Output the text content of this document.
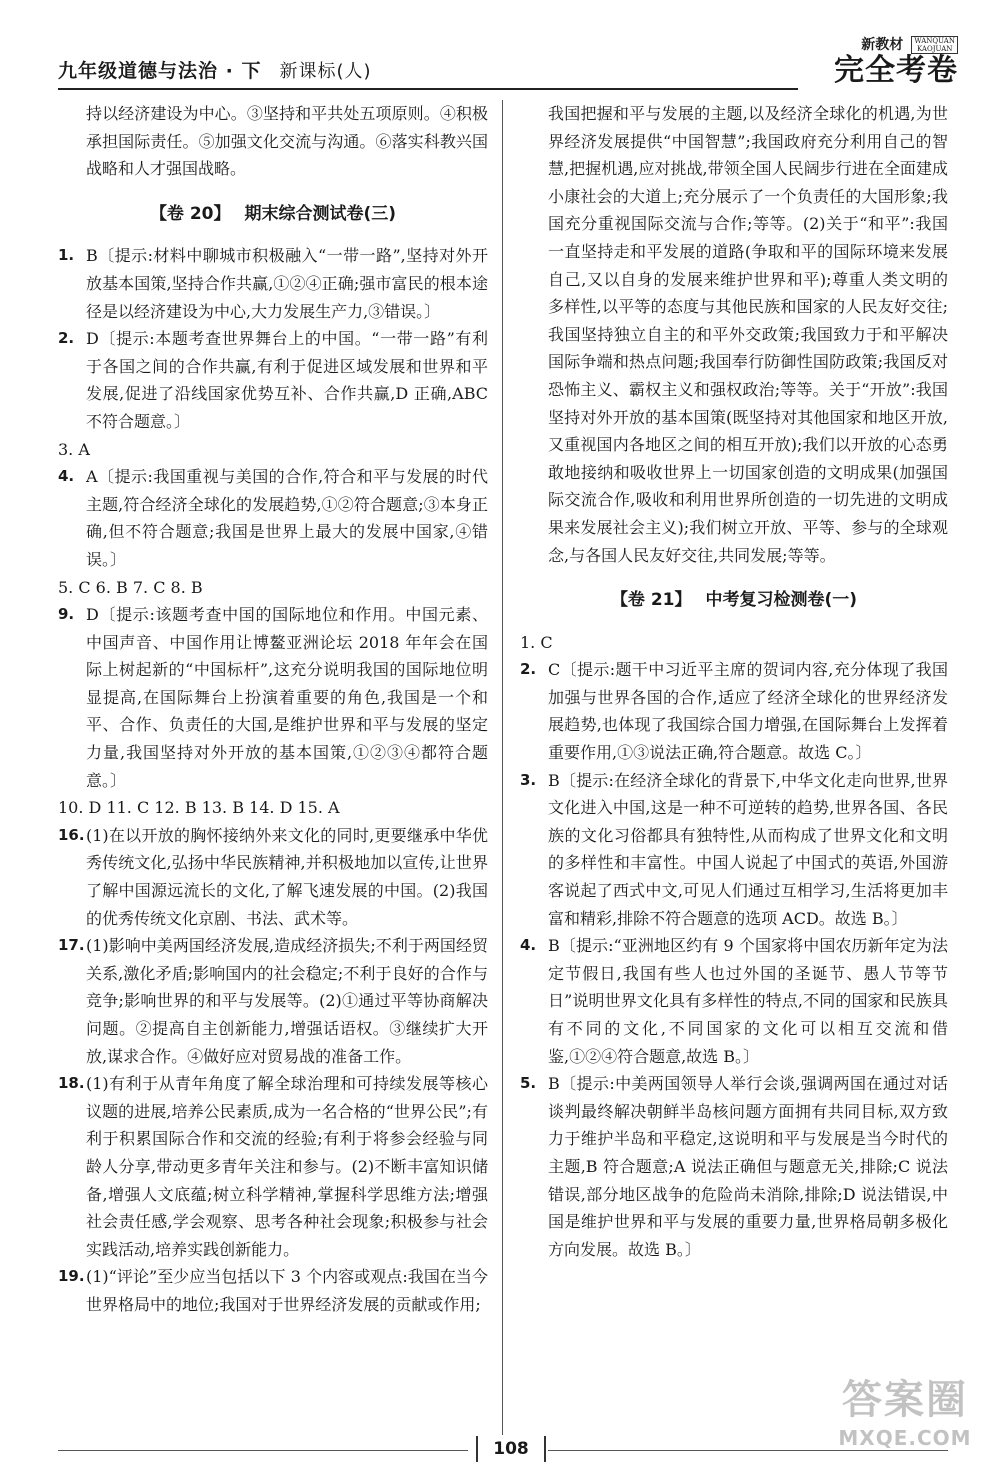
九年级道德与法治 · 下 新课标(人)
新教材 WANQUAN
KAOJUAN
完全考卷

持以经济建设为中心。③坚持和平共处五项原则。④积极承担国际责任。⑤加强文化交流与沟通。⑥落实科教兴国战略和人才强国战略。

【卷 20】 期末综合测试卷(三)
1. B〔提示:材料中聊城市积极融入“一带一路”,坚持对外开放基本国策,坚持合作共赢,①②④正确;强市富民的根本途径是以经济建设为中心,大力发展生产力,③错误。〕
2. D〔提示:本题考查世界舞台上的中国。“一带一路”有利于各国之间的合作共赢,有利于促进区域发展和世界和平发展,促进了沿线国家优势互补、合作共赢,D 正确,ABC 不符合题意。〕
3. A
4. A〔提示:我国重视与美国的合作,符合和平与发展的时代主题,符合经济全球化的发展趋势,①②符合题意;③本身正确,但不符合题意;我国是世界上最大的发展中国家,④错误。〕
5. C 6. B 7. C 8. B
9. D〔提示:该题考查中国的国际地位和作用。中国元素、中国声音、中国作用让博鳌亚洲论坛 2018 年年会在国际上树起新的“中国标杆”,这充分说明我国的国际地位明显提高,在国际舞台上扮演着重要的角色,我国是一个和平、合作、负责任的大国,是维护世界和平与发展的坚定力量,我国坚持对外开放的基本国策,①②③④都符合题意。〕
10. D 11. C 12. B 13. B 14. D 15. A
16. (1)在以开放的胸怀接纳外来文化的同时,更要继承中华优秀传统文化,弘扬中华民族精神,并积极地加以宣传,让世界了解中国源远流长的文化,了解飞速发展的中国。(2)我国的优秀传统文化京剧、书法、武术等。
17. (1)影响中美两国经济发展,造成经济损失;不利于两国经贸关系,激化矛盾;影响国内的社会稳定;不利于良好的合作与竞争;影响世界的和平与发展等。(2)①通过平等协商解决问题。②提高自主创新能力,增强话语权。③继续扩大开放,谋求合作。④做好应对贸易战的准备工作。
18. (1)有利于从青年角度了解全球治理和可持续发展等核心议题的进展,培养公民素质,成为一名合格的“世界公民”;有利于积累国际合作和交流的经验;有利于将参会经验与同龄人分享,带动更多青年关注和参与。(2)不断丰富知识储备,增强人文底蕴;树立科学精神,掌握科学思维方法;增强社会责任感,学会观察、思考各种社会现象;积极参与社会实践活动,培养实践创新能力。
19. (1)“评论”至少应当包括以下 3 个内容或观点:我国在当今世界格局中的地位;我国对于世界经济发展的贡献或作用;

我国把握和平与发展的主题,以及经济全球化的机遇,为世界经济发展提供“中国智慧”;我国政府充分利用自己的智慧,把握机遇,应对挑战,带领全国人民阔步行进在全面建成小康社会的大道上;充分展示了一个负责任的大国形象;我国充分重视国际交流与合作;等等。(2)关于“和平”:我国一直坚持走和平发展的道路(争取和平的国际环境来发展自己,又以自身的发展来维护世界和平);尊重人类文明的多样性,以平等的态度与其他民族和国家的人民友好交往;我国坚持独立自主的和平外交政策;我国致力于和平解决国际争端和热点问题;我国奉行防御性国防政策;我国反对恐怖主义、霸权主义和强权政治;等等。关于“开放”:我国坚持对外开放的基本国策(既坚持对其他国家和地区开放,又重视国内各地区之间的相互开放);我们以开放的心态勇敢地接纳和吸收世界上一切国家创造的文明成果(加强国际交流合作,吸收和利用世界所创造的一切先进的文明成果来发展社会主义);我们树立开放、平等、参与的全球观念,与各国人民友好交往,共同发展;等等。

【卷 21】 中考复习检测卷(一)
1. C
2. C〔提示:题干中习近平主席的贺词内容,充分体现了我国加强与世界各国的合作,适应了经济全球化的世界经济发展趋势,也体现了我国综合国力增强,在国际舞台上发挥着重要作用,①③说法正确,符合题意。故选 C。〕
3. B〔提示:在经济全球化的背景下,中华文化走向世界,世界文化进入中国,这是一种不可逆转的趋势,世界各国、各民族的文化习俗都具有独特性,从而构成了世界文化和文明的多样性和丰富性。中国人说起了中国式的英语,外国游客说起了西式中文,可见人们通过互相学习,生活将更加丰富和精彩,排除不符合题意的选项 ACD。故选 B。〕
4. B〔提示:“亚洲地区约有 9 个国家将中国农历新年定为法定节假日,我国有些人也过外国的圣诞节、愚人节等节日”说明世界文化具有多样性的特点,不同的国家和民族具有不同的文化,不同国家的文化可以相互交流和借鉴,①②④符合题意,故选 B。〕
5. B〔提示:中美两国领导人举行会谈,强调两国在通过对话谈判最终解决朝鲜半岛核问题方面拥有共同目标,双方致力于维护半岛和平稳定,这说明和平与发展是当今时代的主题,B 符合题意;A 说法正确但与题意无关,排除;C 说法错误,部分地区战争的危险尚未消除,排除;D 说法错误,中国是维护世界和平与发展的重要力量,世界格局朝多极化方向发展。故选 B。〕
108
答案圈
MXQE.COM
